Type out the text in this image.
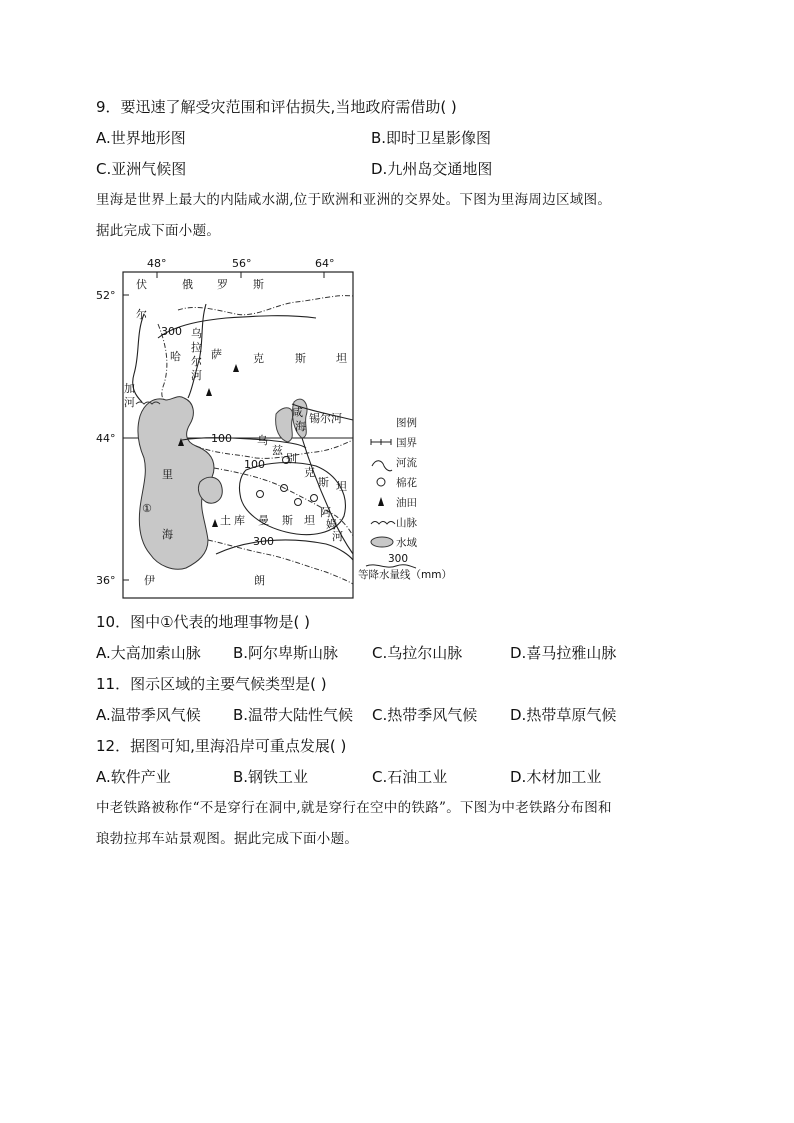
9．要迅速了解受灾范围和评估损失,当地政府需借助( )
A.世界地形图	B.即时卫星影像图
C.亚洲气候图	D.九州岛交通地图
里海是世界上最大的内陆咸水湖,位于欧洲和亚洲的交界处。下图为里海周边区域图。
据此完成下面小题。
48°	56°	64°
52°
44°
36°
300
100
100
300
俄 罗 斯
哈	萨	克	斯	坦
乌
兹
别
克
斯 坦
土 库 曼 斯 坦
伊	朗
里
海
伏
尔
加
河
乌
拉
尔
河
咸
海
锡尔河
阿
姆
河
①
图例
国界
河流
棉花
油田
山脉
水域
300
等降水量线（mm）
10．图中①代表的地理事物是( )
A.大高加索山脉 B.阿尔卑斯山脉 C.乌拉尔山脉	D.喜马拉雅山脉
11．图示区域的主要气候类型是( )
A.温带季风气候 B.温带大陆性气候 C.热带季风气候 D.热带草原气候
12．据图可知,里海沿岸可重点发展( )
A.软件产业	B.钢铁工业	C.石油工业	D.木材加工业
中老铁路被称作“不是穿行在洞中,就是穿行在空中的铁路”。下图为中老铁路分布图和
琅勃拉邦车站景观图。据此完成下面小题。
